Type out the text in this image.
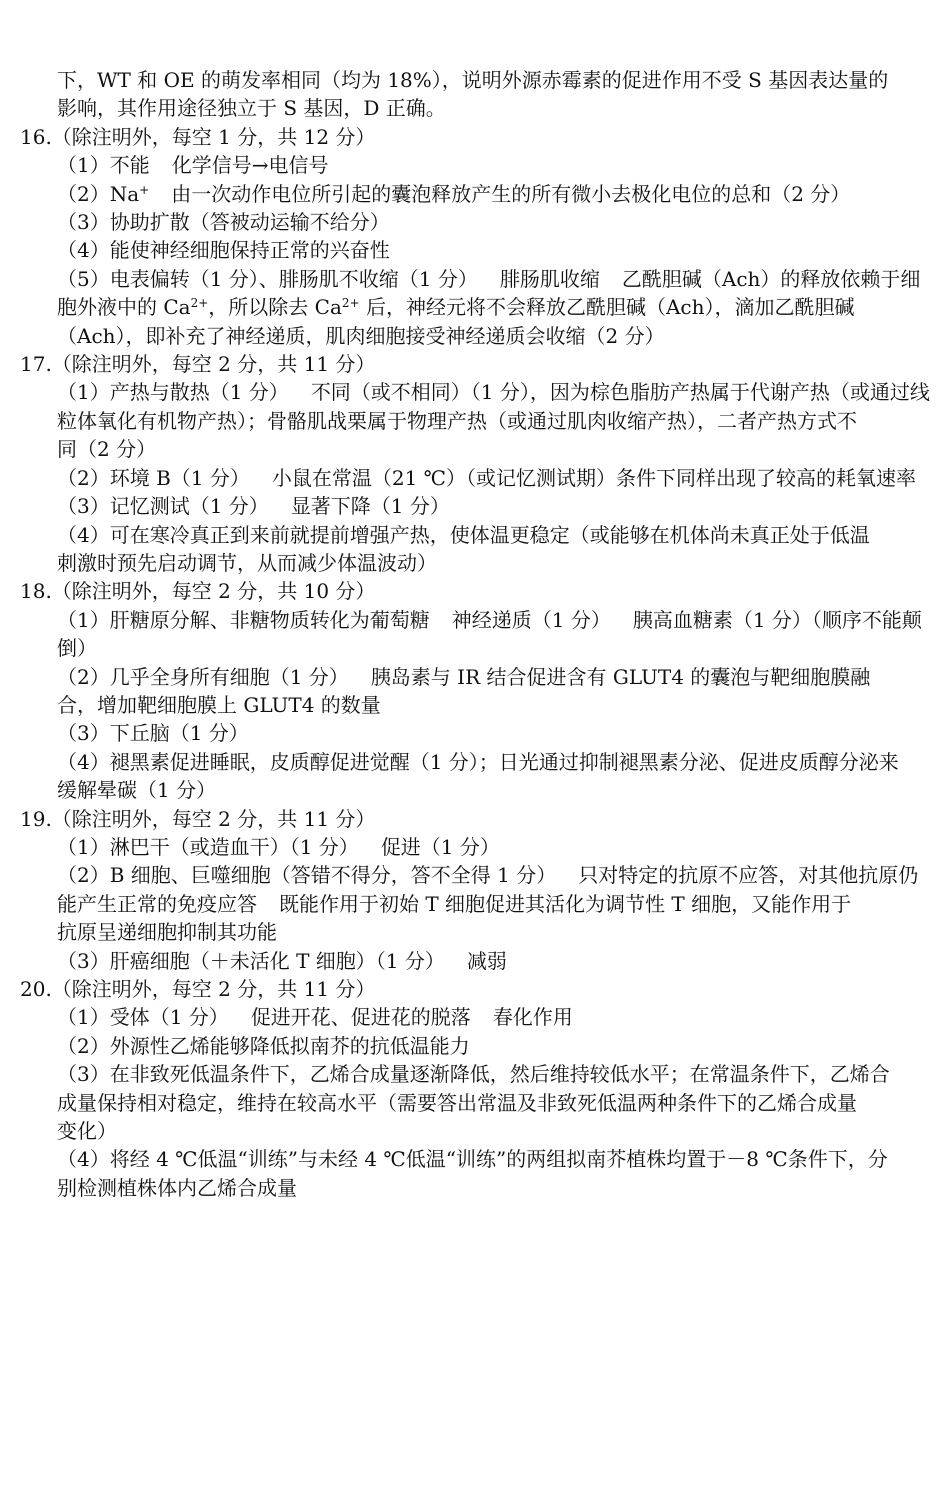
下，WT 和 OE 的萌发率相同（均为 18%），说明外源赤霉素的促进作用不受 S 基因表达量的
影响，其作用途径独立于 S 基因，D 正确。
16.（除注明外，每空 1 分，共 12 分）
（1）不能 化学信号→电信号
（2）Na+ 由一次动作电位所引起的囊泡释放产生的所有微小去极化电位的总和（2 分）
（3）协助扩散（答被动运输不给分）
（4）能使神经细胞保持正常的兴奋性
（5）电表偏转（1 分）、腓肠肌不收缩（1 分） 腓肠肌收缩 乙酰胆碱（Ach）的释放依赖于细
胞外液中的 $Ca^{2+}$，所以除去 $Ca^{2+}$ 后，神经元将不会释放乙酰胆碱（Ach），滴加乙酰胆碱
（Ach），即补充了神经递质，肌肉细胞接受神经递质会收缩（2 分）
17.（除注明外，每空 2 分，共 11 分）
（1）产热与散热（1 分） 不同（或不相同）（1 分），因为棕色脂肪产热属于代谢产热（或通过线
粒体氧化有机物产热）；骨骼肌战栗属于物理产热（或通过肌肉收缩产热），二者产热方式不
同（2 分）
（2）环境 B（1 分） 小鼠在常温（21 ℃）（或记忆测试期）条件下同样出现了较高的耗氧速率
（3）记忆测试（1 分） 显著下降（1 分）
（4）可在寒冷真正到来前就提前增强产热，使体温更稳定（或能够在机体尚未真正处于低温
刺激时预先启动调节，从而减少体温波动）
18.（除注明外，每空 2 分，共 10 分）
（1）肝糖原分解、非糖物质转化为葡萄糖 神经递质（1 分） 胰高血糖素（1 分）（顺序不能颠
倒）
（2）几乎全身所有细胞（1 分） 胰岛素与 IR 结合促进含有 GLUT4 的囊泡与靶细胞膜融
合，增加靶细胞膜上 GLUT4 的数量
（3）下丘脑（1 分）
（4）褪黑素促进睡眠，皮质醇促进觉醒（1 分）；日光通过抑制褪黑素分泌、促进皮质醇分泌来
缓解晕碳（1 分）
19.（除注明外，每空 2 分，共 11 分）
（1）淋巴干（或造血干）（1 分） 促进（1 分）
（2）B 细胞、巨噬细胞（答错不得分，答不全得 1 分） 只对特定的抗原不应答，对其他抗原仍
能产生正常的免疫应答 既能作用于初始 T 细胞促进其活化为调节性 T 细胞，又能作用于
抗原呈递细胞抑制其功能
（3）肝癌细胞（＋未活化 T 细胞）（1 分） 减弱
20.（除注明外，每空 2 分，共 11 分）
（1）受体（1 分） 促进开花、促进花的脱落 春化作用
（2）外源性乙烯能够降低拟南芥的抗低温能力
（3）在非致死低温条件下，乙烯合成量逐渐降低，然后维持较低水平；在常温条件下，乙烯合
成量保持相对稳定，维持在较高水平（需要答出常温及非致死低温两种条件下的乙烯合成量
变化）
（4）将经 4 ℃低温“训练”与未经 4 ℃低温“训练”的两组拟南芥植株均置于－8 ℃条件下，分
别检测植株体内乙烯合成量
